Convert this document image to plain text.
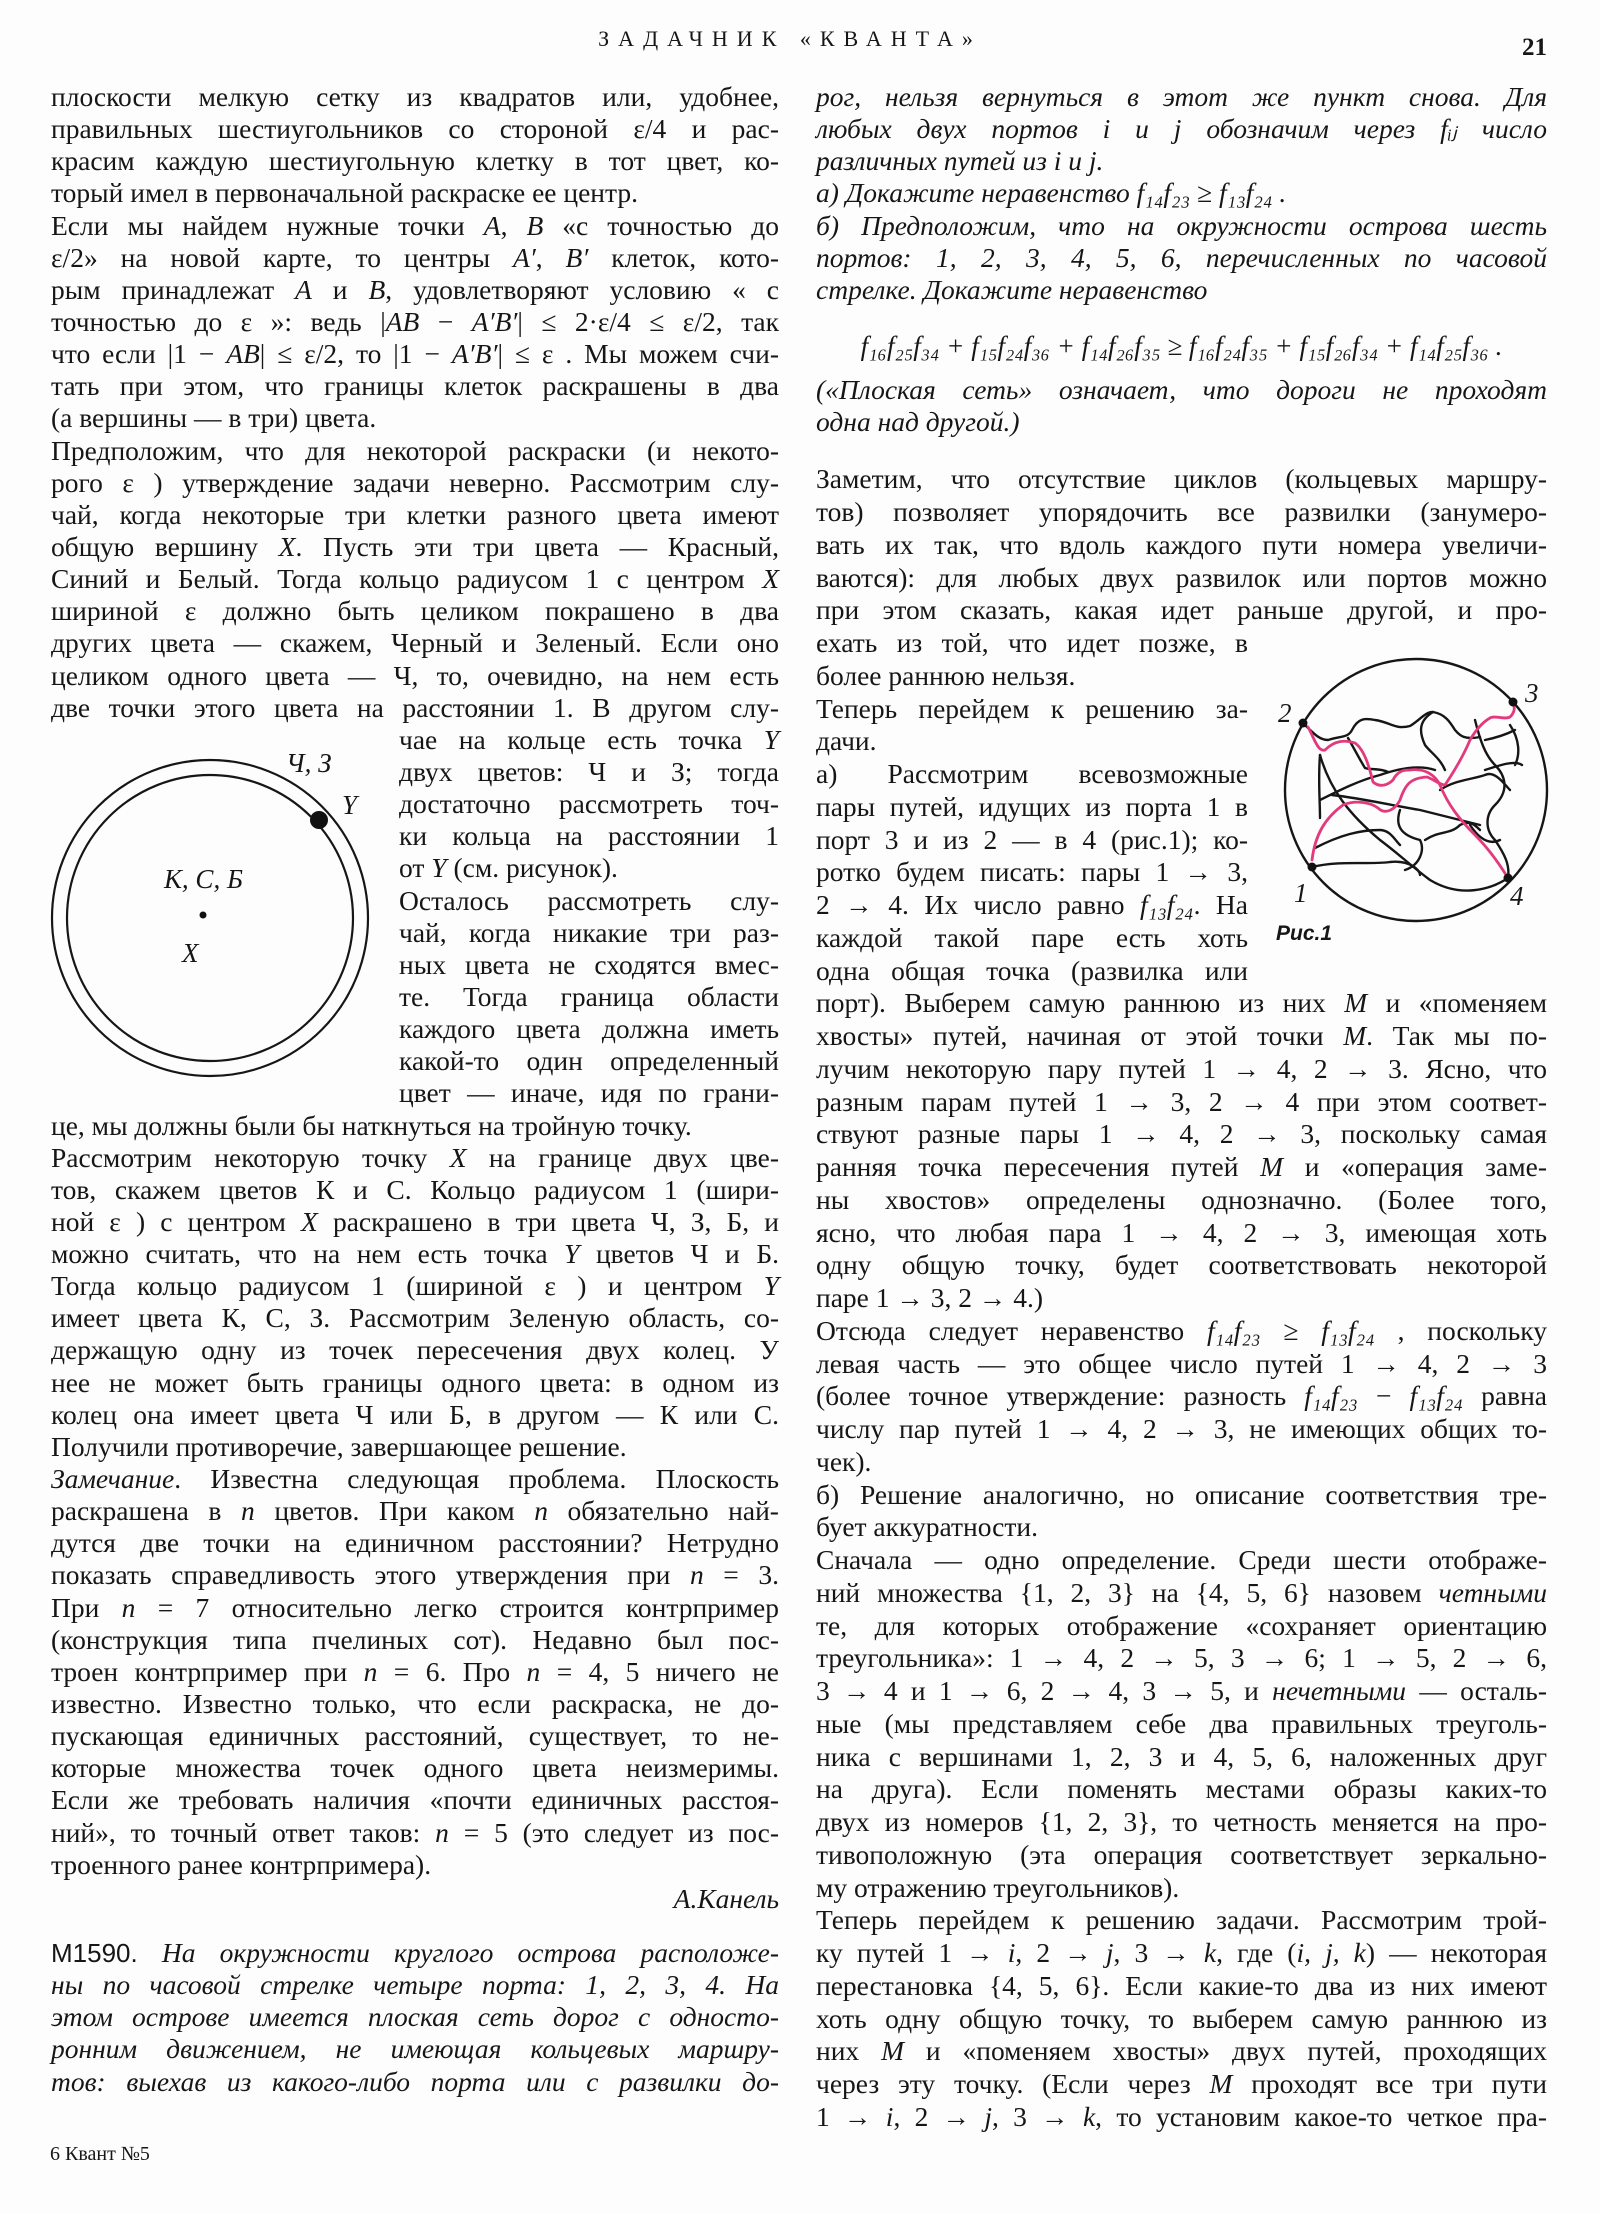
ЗАДАЧНИК «КВАНТА»	21
плоскости мелкую сетку из квадратов или, удобнее,
правильных шестиугольников со стороной ε/4 и рас-
красим каждую шестиугольную клетку в тот цвет, ко-
торый имел в первоначальной раскраске ее центр.
Если мы найдем нужные точки A, B «с точностью до
ε/2» на новой карте, то центры A′, B′ клеток, кото-
рым принадлежат A и B, удовлетворяют условию « с
точностью до ε »: ведь |AB − A′B′| ≤ 2·ε/4 ≤ ε/2, так
что если |1 − AB| ≤ ε/2, то |1 − A′B′| ≤ ε . Мы можем счи-
тать при этом, что границы клеток раскрашены в два
(а вершины — в три) цвета.
Предположим, что для некоторой раскраски (и некото-
рого ε ) утверждение задачи неверно. Рассмотрим слу-
чай, когда некоторые три клетки разного цвета имеют
общую вершину X. Пусть эти три цвета — Красный,
Синий и Белый. Тогда кольцо радиусом 1 с центром X
шириной ε должно быть целиком покрашено в два
других цвета — скажем, Черный и Зеленый. Если оно
целиком одного цвета — Ч, то, очевидно, на нем есть
две точки этого цвета на расстоянии 1. В другом слу-
чае на кольце есть точка Y
двух цветов: Ч и З; тогда
достаточно рассмотреть точ-
ки кольца на расстоянии 1
от Y (см. рисунок).
Осталось рассмотреть слу-
чай, когда никакие три раз-
ных цвета не сходятся вмес-
те. Тогда граница области
каждого цвета должна иметь
какой-то один определенный
цвет — иначе, идя по грани-
це, мы должны были бы наткнуться на тройную точку.
Рассмотрим некоторую точку X на границе двух цве-
тов, скажем цветов К и С. Кольцо радиусом 1 (шири-
ной ε ) с центром X раскрашено в три цвета Ч, З, Б, и
можно считать, что на нем есть точка Y цветов Ч и Б.
Тогда кольцо радиусом 1 (шириной ε ) и центром Y
имеет цвета К, С, З. Рассмотрим Зеленую область, со-
держащую одну из точек пересечения двух колец. У
нее не может быть границы одного цвета: в одном из
колец она имеет цвета Ч или Б, в другом — К или С.
Получили противоречие, завершающее решение.
Замечание. Известна следующая проблема. Плоскость
раскрашена в n цветов. При каком n обязательно най-
дутся две точки на единичном расстоянии? Нетрудно
показать справедливость этого утверждения при n = 3.
При n = 7 относительно легко строится контрпример
(конструкция типа пчелиных сот). Недавно был пос-
троен контрпример при n = 6. Про n = 4, 5 ничего не
известно. Известно только, что если раскраска, не до-
пускающая единичных расстояний, существует, то не-
которые множества точек одного цвета неизмеримы.
Если же требовать наличия «почти единичных расстоя-
ний», то точный ответ таков: n = 5 (это следует из пос-
троенного ранее контрпримера).
А.Канель
M1590. На окружности круглого острова расположе-
ны по часовой стрелке четыре порта: 1, 2, 3, 4. На
этом острове имеется плоская сеть дорог с односто-
ронним движением, не имеющая кольцевых маршру-
тов: выехав из какого-либо порта или с развилки до-
рог, нельзя вернуться в этот же пункт снова. Для
любых двух портов i и j обозначим через fᵢⱼ число
различных путей из i и j.
а) Докажите неравенство f₁₄f₂₃ ≥ f₁₃f₂₄ .
б) Предположим, что на окружности острова шесть
портов: 1, 2, 3, 4, 5, 6, перечисленных по часовой
стрелке. Докажите неравенство
f₁₆f₂₅f₃₄ + f₁₅f₂₄f₃₆ + f₁₄f₂₆f₃₅ ≥ f₁₆f₂₄f₃₅ + f₁₅f₂₆f₃₄ + f₁₄f₂₅f₃₆ .
(«Плоская сеть» означает, что дороги не проходят
одна над другой.)
Заметим, что отсутствие циклов (кольцевых маршру-
тов) позволяет упорядочить все развилки (занумеро-
вать их так, что вдоль каждого пути номера увеличи-
ваются): для любых двух развилок или портов можно
при этом сказать, какая идет раньше другой, и про-
ехать из той, что идет позже, в
более раннюю нельзя.
Теперь перейдем к решению за-
дачи.
а) Рассмотрим всевозможные
пары путей, идущих из порта 1 в
порт 3 и из 2 — в 4 (рис.1); ко-
ротко будем писать: пары 1 → 3,
2 → 4. Их число равно f₁₃f₂₄. На
каждой такой паре есть хоть
одна общая точка (развилка или
порт). Выберем самую раннюю из них M и «поменяем
хвосты» путей, начиная от этой точки M. Так мы по-
лучим некоторую пару путей 1 → 4, 2 → 3. Ясно, что
разным парам путей 1 → 3, 2 → 4 при этом соответ-
ствуют разные пары 1 → 4, 2 → 3, поскольку самая
ранняя точка пересечения путей M и «операция заме-
ны хвостов» определены однозначно. (Более того,
ясно, что любая пара 1 → 4, 2 → 3, имеющая хоть
одну общую точку, будет соответствовать некоторой
паре 1 → 3, 2 → 4.)
Отсюда следует неравенство f₁₄f₂₃ ≥ f₁₃f₂₄ , поскольку
левая часть — это общее число путей 1 → 4, 2 → 3
(более точное утверждение: разность f₁₄f₂₃ − f₁₃f₂₄ равна
числу пар путей 1 → 4, 2 → 3, не имеющих общих то-
чек).
б) Решение аналогично, но описание соответствия тре-
бует аккуратности.
Сначала — одно определение. Среди шести отображе-
ний множества {1, 2, 3} на {4, 5, 6} назовем четными
те, для которых отображение «сохраняет ориентацию
треугольника»: 1 → 4, 2 → 5, 3 → 6; 1 → 5, 2 → 6,
3 → 4 и 1 → 6, 2 → 4, 3 → 5, и нечетными — осталь-
ные (мы представляем себе два правильных треуголь-
ника с вершинами 1, 2, 3 и 4, 5, 6, наложенных друг
на друга). Если поменять местами образы каких-то
двух из номеров {1, 2, 3}, то четность меняется на про-
тивоположную (эта операция соответствует зеркально-
му отражению треугольников).
Теперь перейдем к решению задачи. Рассмотрим трой-
ку путей 1 → i, 2 → j, 3 → k, где (i, j, k) — некоторая
перестановка {4, 5, 6}. Если какие-то два из них имеют
хоть одну общую точку, то выберем самую раннюю из
них M и «поменяем хвосты» двух путей, проходящих
через эту точку. (Если через M проходят все три пути
1 → i, 2 → j, 3 → k, то установим какое-то четкое пра-
Ч, З
Y
К, С, Б
X
1
2
3
4
Рис.1
6 Квант №5
